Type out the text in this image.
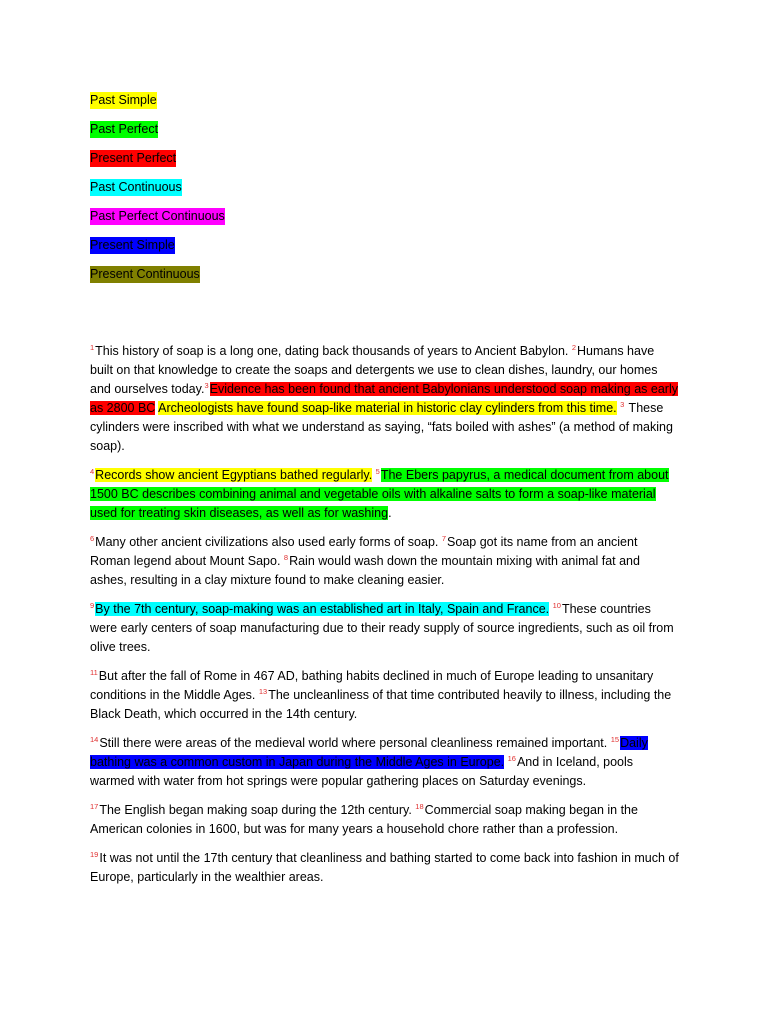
Past Simple
Past Perfect
Present Perfect
Past Continuous
Past Perfect Continuous
Present Simple
Present Continuous

$^1$This history of soap is a long one, dating back thousands of years to Ancient Babylon. $^2$Humans have built on that knowledge to create the soaps and detergents we use to clean dishes, laundry, our homes and ourselves today.$^3$Evidence has been found that ancient Babylonians understood soap making as early as 2800 BC Archeologists have found soap-like material in historic clay cylinders from this time. $^3$ These cylinders were inscribed with what we understand as saying, “fats boiled with ashes” (a method of making soap).

$^4$Records show ancient Egyptians bathed regularly. $^5$The Ebers papyrus, a medical document from about 1500 BC describes combining animal and vegetable oils with alkaline salts to form a soap-like material used for treating skin diseases, as well as for washing.

$^6$Many other ancient civilizations also used early forms of soap. $^7$Soap got its name from an ancient Roman legend about Mount Sapo. $^8$Rain would wash down the mountain mixing with animal fat and ashes, resulting in a clay mixture found to make cleaning easier.

$^9$By the 7th century, soap-making was an established art in Italy, Spain and France. $^{10}$These countries were early centers of soap manufacturing due to their ready supply of source ingredients, such as oil from olive trees.

$^{11}$But after the fall of Rome in 467 AD, bathing habits declined in much of Europe leading to unsanitary conditions in the Middle Ages. $^{13}$The uncleanliness of that time contributed heavily to illness, including the Black Death, which occurred in the 14th century.

$^{14}$Still there were areas of the medieval world where personal cleanliness remained important. $^{15}$Daily bathing was a common custom in Japan during the Middle Ages in Europe. $^{16}$And in Iceland, pools warmed with water from hot springs were popular gathering places on Saturday evenings.

$^{17}$The English began making soap during the 12th century. $^{18}$Commercial soap making began in the American colonies in 1600, but was for many years a household chore rather than a profession.

$^{19}$It was not until the 17th century that cleanliness and bathing started to come back into fashion in much of Europe, particularly in the wealthier areas.
